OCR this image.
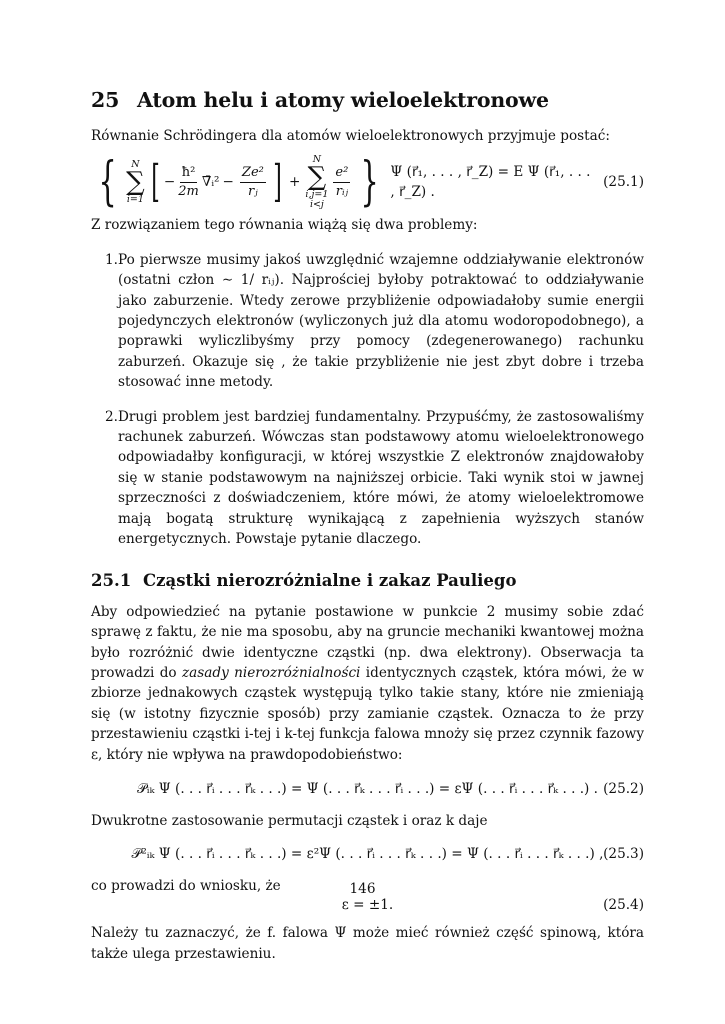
25 Atom helu i atomy wieloelektronowe

Równanie Schrödingera dla atomów wieloelektronowych przyjmuje postać:

{ N
∑
i=1 [ − $\frac{\text{ħ²}}{2m}$ ∇̄ᵢ² − $\frac{\text{Ze²}}{\text{rⱼ}}$ ] +
N
∑
i,j=1
i<j
$\frac{\text{e²}}{\text{rᵢⱼ}}$ } Ψ (r⃗₁, . . . , r⃗_Z) = E Ψ (r⃗₁, . . . , r⃗_Z) .
(25.1)

Z rozwiązaniem tego równania wiążą się dwa problemy:

1. Po pierwsze musimy jakoś uwzględnić wzajemne oddziaływanie elektronów (ostatni człon ∼ 1/ rᵢⱼ). Najprościej byłoby potraktować to oddziaływanie jako zaburzenie. Wtedy zerowe przybliżenie odpowiadałoby sumie energii pojedynczych elektronów (wyliczonych już dla atomu wodoropodobnego), a poprawki wyliczlibyśmy przy pomocy (zdegenerowanego) rachunku zaburzeń. Okazuje się , że takie przybliżenie nie jest zbyt dobre i trzeba stosować inne metody.
2. Drugi problem jest bardziej fundamentalny. Przypuśćmy, że zastosowaliśmy rachunek zaburzeń. Wówczas stan podstawowy atomu wieloelektronowego odpowiadałby konfiguracji, w której wszystkie Z elektronów znajdowałoby się w stanie podstawowym na najniższej orbicie. Taki wynik stoi w jawnej sprzeczności z doświadczeniem, które mówi, że atomy wieloelektromowe mają bogatą strukturę wynikającą z zapełnienia wyższych stanów energetycznych. Powstaje pytanie dlaczego.
25.1 Cząstki nierozróżnialne i zakaz Pauliego

Aby odpowiedzieć na pytanie postawione w punkcie 2 musimy sobie zdać sprawę z faktu, że nie ma sposobu, aby na gruncie mechaniki kwantowej można było rozróżnić dwie identyczne cząstki (np. dwa elektrony). Obserwacja ta prowadzi do zasady nierozróżnialności identycznych cząstek, która mówi, że w zbiorze jednakowych cząstek występują tylko takie stany, które nie zmieniają się (w istotny fizycznie sposób) przy zamianie cząstek. Oznacza to że przy przestawieniu cząstki i-tej i k-tej funkcja falowa mnoży się przez czynnik fazowy ε, który nie wpływa na prawdopodobieństwo:

𝒫ᵢₖ Ψ (. . . r⃗ᵢ . . . r⃗ₖ . . .) = Ψ (. . . r⃗ₖ . . . r⃗ᵢ . . .) = εΨ (. . . r⃗ᵢ . . . r⃗ₖ . . .) . (25.2)

Dwukrotne zastosowanie permutacji cząstek i oraz k daje

𝒫²ᵢₖ Ψ (. . . r⃗ᵢ . . . r⃗ₖ . . .) = ε²Ψ (. . . r⃗ᵢ . . . r⃗ₖ . . .) = Ψ (. . . r⃗ᵢ . . . r⃗ₖ . . .) , (25.3)

co prowadzi do wniosku, że

ε = ±1.	(25.4)

Należy tu zaznaczyć, że f. falowa Ψ może mieć również część spinową, która także ulega przestawieniu.

146
